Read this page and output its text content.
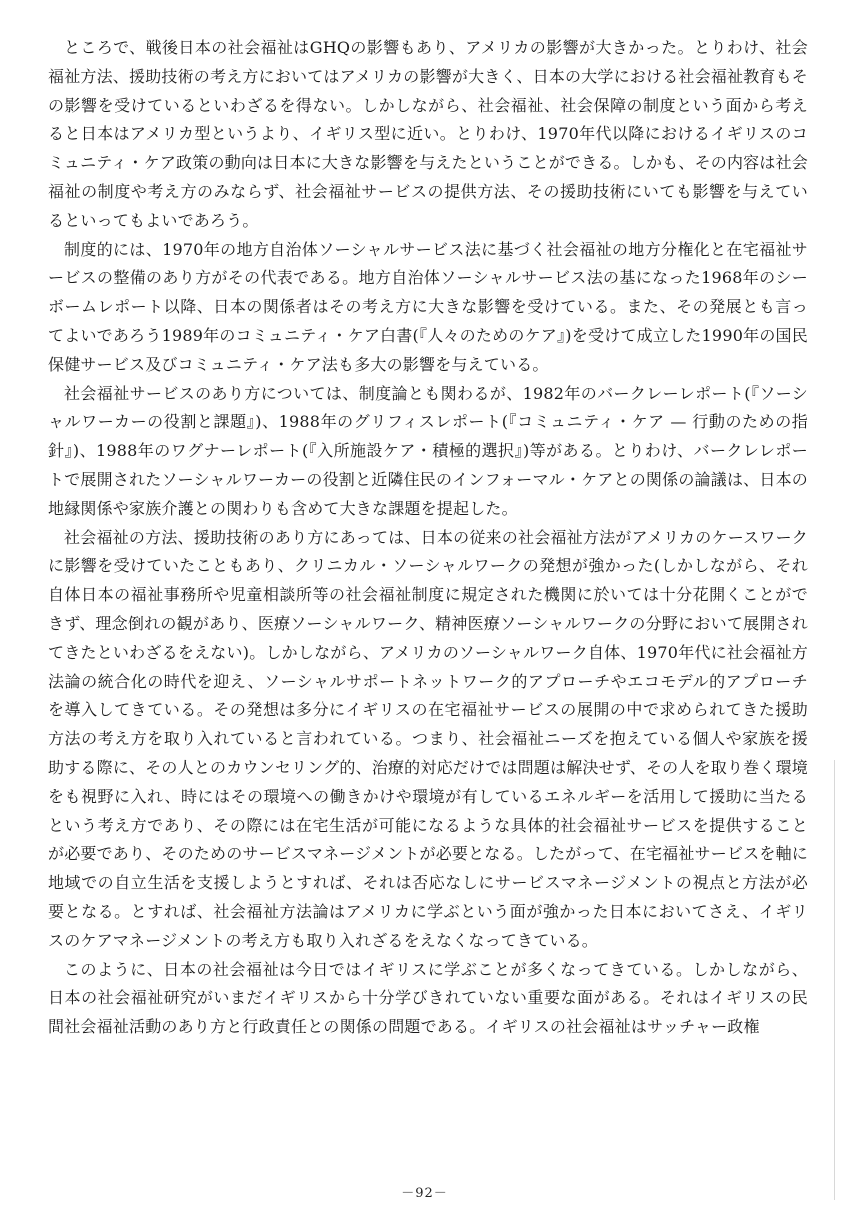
ところで、戦後日本の社会福祉はGHQの影響もあり、アメリカの影響が大きかった。とりわけ、社会福祉方法、援助技術の考え方においてはアメリカの影響が大きく、日本の大学における社会福祉教育もその影響を受けているといわざるを得ない。しかしながら、社会福祉、社会保障の制度という面から考えると日本はアメリカ型というより、イギリス型に近い。とりわけ、1970年代以降におけるイギリスのコミュニティ・ケア政策の動向は日本に大きな影響を与えたということができる。しかも、その内容は社会福祉の制度や考え方のみならず、社会福祉サービスの提供方法、その援助技術にいても影響を与えているといってもよいであろう。

制度的には、1970年の地方自治体ソーシャルサービス法に基づく社会福祉の地方分権化と在宅福祉サービスの整備のあり方がその代表である。地方自治体ソーシャルサービス法の基になった1968年のシーボームレポート以降、日本の関係者はその考え方に大きな影響を受けている。また、その発展とも言ってよいであろう1989年のコミュニティ・ケア白書(『人々のためのケア』)を受けて成立した1990年の国民保健サービス及びコミュニティ・ケア法も多大の影響を与えている。

社会福祉サービスのあり方については、制度論とも関わるが、1982年のバークレーレポート(『ソーシャルワーカーの役割と課題』)、1988年のグリフィスレポート(『コミュニティ・ケア — 行動のための指針』)、1988年のワグナーレポート(『入所施設ケア・積極的選択』)等がある。とりわけ、バークレレポートで展開されたソーシャルワーカーの役割と近隣住民のインフォーマル・ケアとの関係の論議は、日本の地縁関係や家族介護との関わりも含めて大きな課題を提起した。

社会福祉の方法、援助技術のあり方にあっては、日本の従来の社会福祉方法がアメリカのケースワークに影響を受けていたこともあり、クリニカル・ソーシャルワークの発想が強かった(しかしながら、それ自体日本の福祉事務所や児童相談所等の社会福祉制度に規定された機関に於いては十分花開くことができず、理念倒れの観があり、医療ソーシャルワーク、精神医療ソーシャルワークの分野において展開されてきたといわざるをえない)。しかしながら、アメリカのソーシャルワーク自体、1970年代に社会福祉方法論の統合化の時代を迎え、ソーシャルサポートネットワーク的アプローチやエコモデル的アプローチを導入してきている。その発想は多分にイギリスの在宅福祉サービスの展開の中で求められてきた援助方法の考え方を取り入れていると言われている。つまり、社会福祉ニーズを抱えている個人や家族を援助する際に、その人とのカウンセリング的、治療的対応だけでは問題は解決せず、その人を取り巻く環境をも視野に入れ、時にはその環境への働きかけや環境が有しているエネルギーを活用して援助に当たるという考え方であり、その際には在宅生活が可能になるような具体的社会福祉サービスを提供することが必要であり、そのためのサービスマネージメントが必要となる。したがって、在宅福祉サービスを軸に地域での自立生活を支援しようとすれば、それは否応なしにサービスマネージメントの視点と方法が必要となる。とすれば、社会福祉方法論はアメリカに学ぶという面が強かった日本においてさえ、イギリスのケアマネージメントの考え方も取り入れざるをえなくなってきている。

このように、日本の社会福祉は今日ではイギリスに学ぶことが多くなってきている。しかしながら、日本の社会福祉研究がいまだイギリスから十分学びきれていない重要な面がある。それはイギリスの民間社会福祉活動のあり方と行政責任との関係の問題である。イギリスの社会福祉はサッチャー政権

－92－
